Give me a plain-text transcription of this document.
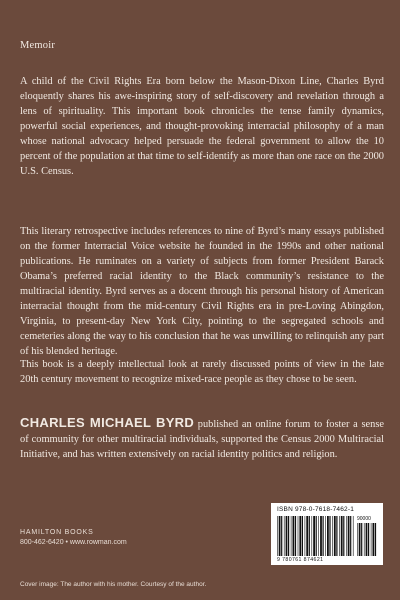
Memoir

A child of the Civil Rights Era born below the Mason-Dixon Line, Charles Byrd eloquently shares his awe-inspiring story of self-discovery and revelation through a lens of spirituality. This important book chronicles the tense family dynamics, powerful social experiences, and thought-provoking interracial philosophy of a man whose national advocacy helped persuade the federal government to allow the 10 percent of the population at that time to self-identify as more than one race on the 2000 U.S. Census.

This literary retrospective includes references to nine of Byrd’s many essays published on the former Interracial Voice website he founded in the 1990s and other national publications. He ruminates on a variety of subjects from former President Barack Obama’s preferred racial identity to the Black community’s resistance to the multiracial identity. Byrd serves as a docent through his personal history of American interracial thought from the mid-century Civil Rights era in pre-Loving Abingdon, Virginia, to present-day New York City, pointing to the segregated schools and cemeteries along the way to his conclusion that he was unwilling to relinquish any part of his blended heritage.

This book is a deeply intellectual look at rarely discussed points of view in the late 20th century movement to recognize mixed-race people as they chose to be seen.

CHARLES MICHAEL BYRD published an online forum to foster a sense of community for other multiracial individuals, supported the Census 2000 Multiracial Initiative, and has written extensively on racial identity politics and religion.

HAMILTON BOOKS
800-462-6420 • www.rowman.com
ISBN 978-0-7618-7462-1
90000
9 780761 874621
Cover image: The author with his mother. Courtesy of the author.
